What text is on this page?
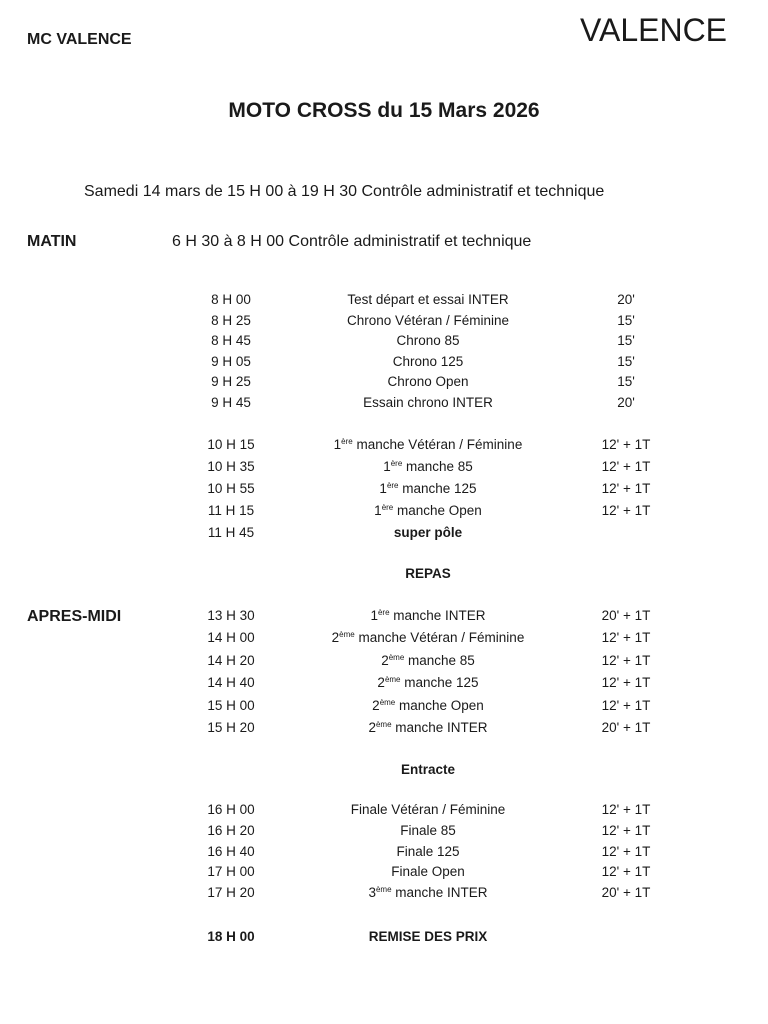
MC VALENCE	VALENCE
MOTO CROSS du 15 Mars 2026
Samedi 14 mars de 15 H 00 à 19 H 30 Contrôle administratif et technique
MATIN	6 H 30 à 8 H 00 Contrôle administratif et technique
8 H 00	Test départ et essai INTER	20'
8 H 25	Chrono Vétéran / Féminine	15'
8 H 45	Chrono 85	15'
9 H 05	Chrono 125	15'
9 H 25	Chrono Open	15'
9 H 45	Essain chrono INTER	20'
10 H 15	1ère manche Vétéran / Féminine	12' + 1T
10 H 35	1ère manche 85	12' + 1T
10 H 55	1ère manche 125	12' + 1T
11 H 15	1ère manche Open	12' + 1T
11 H 45	super pôle
REPAS
APRES-MIDI	13 H 30	1ère manche INTER	20' + 1T
14 H 00	2ème manche Vétéran / Féminine	12' + 1T
14 H 20	2ème manche 85	12' + 1T
14 H 40	2ème manche 125	12' + 1T
15 H 00	2ème manche Open	12' + 1T
15 H 20	2ème manche INTER	20' + 1T
Entracte
16 H 00	Finale Vétéran / Féminine	12' + 1T
16 H 20	Finale 85	12' + 1T
16 H 40	Finale 125	12' + 1T
17 H 00	Finale Open	12' + 1T
17 H 20	3ème manche INTER	20' + 1T
18 H 00	REMISE DES PRIX
